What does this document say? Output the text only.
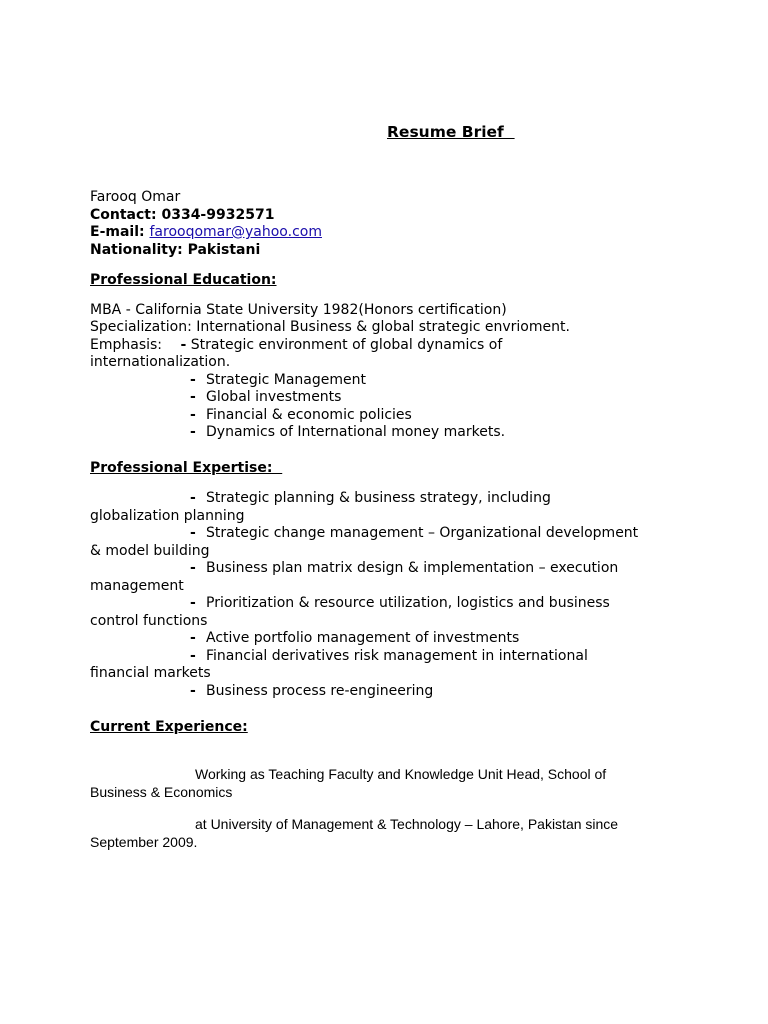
Resume Brief
Farooq Omar
Contact: 0334-9932571
E-mail: farooqomar@yahoo.com
Nationality: Pakistani
Professional Education:
MBA - California State University 1982(Honors certification)
Specialization: International Business & global strategic envrioment.
Emphasis: - Strategic environment of global dynamics of
internationalization.
- Strategic Management
- Global investments
- Financial & economic policies
- Dynamics of International money markets.
Professional Expertise:
- Strategic planning & business strategy, including
globalization planning
- Strategic change management – Organizational development
& model building
- Business plan matrix design & implementation – execution
management
- Prioritization & resource utilization, logistics and business
control functions
- Active portfolio management of investments
- Financial derivatives risk management in international
financial markets
- Business process re-engineering
Current Experience:
Working as Teaching Faculty and Knowledge Unit Head, School of
Business & Economics
at University of Management & Technology – Lahore, Pakistan since
September 2009.
